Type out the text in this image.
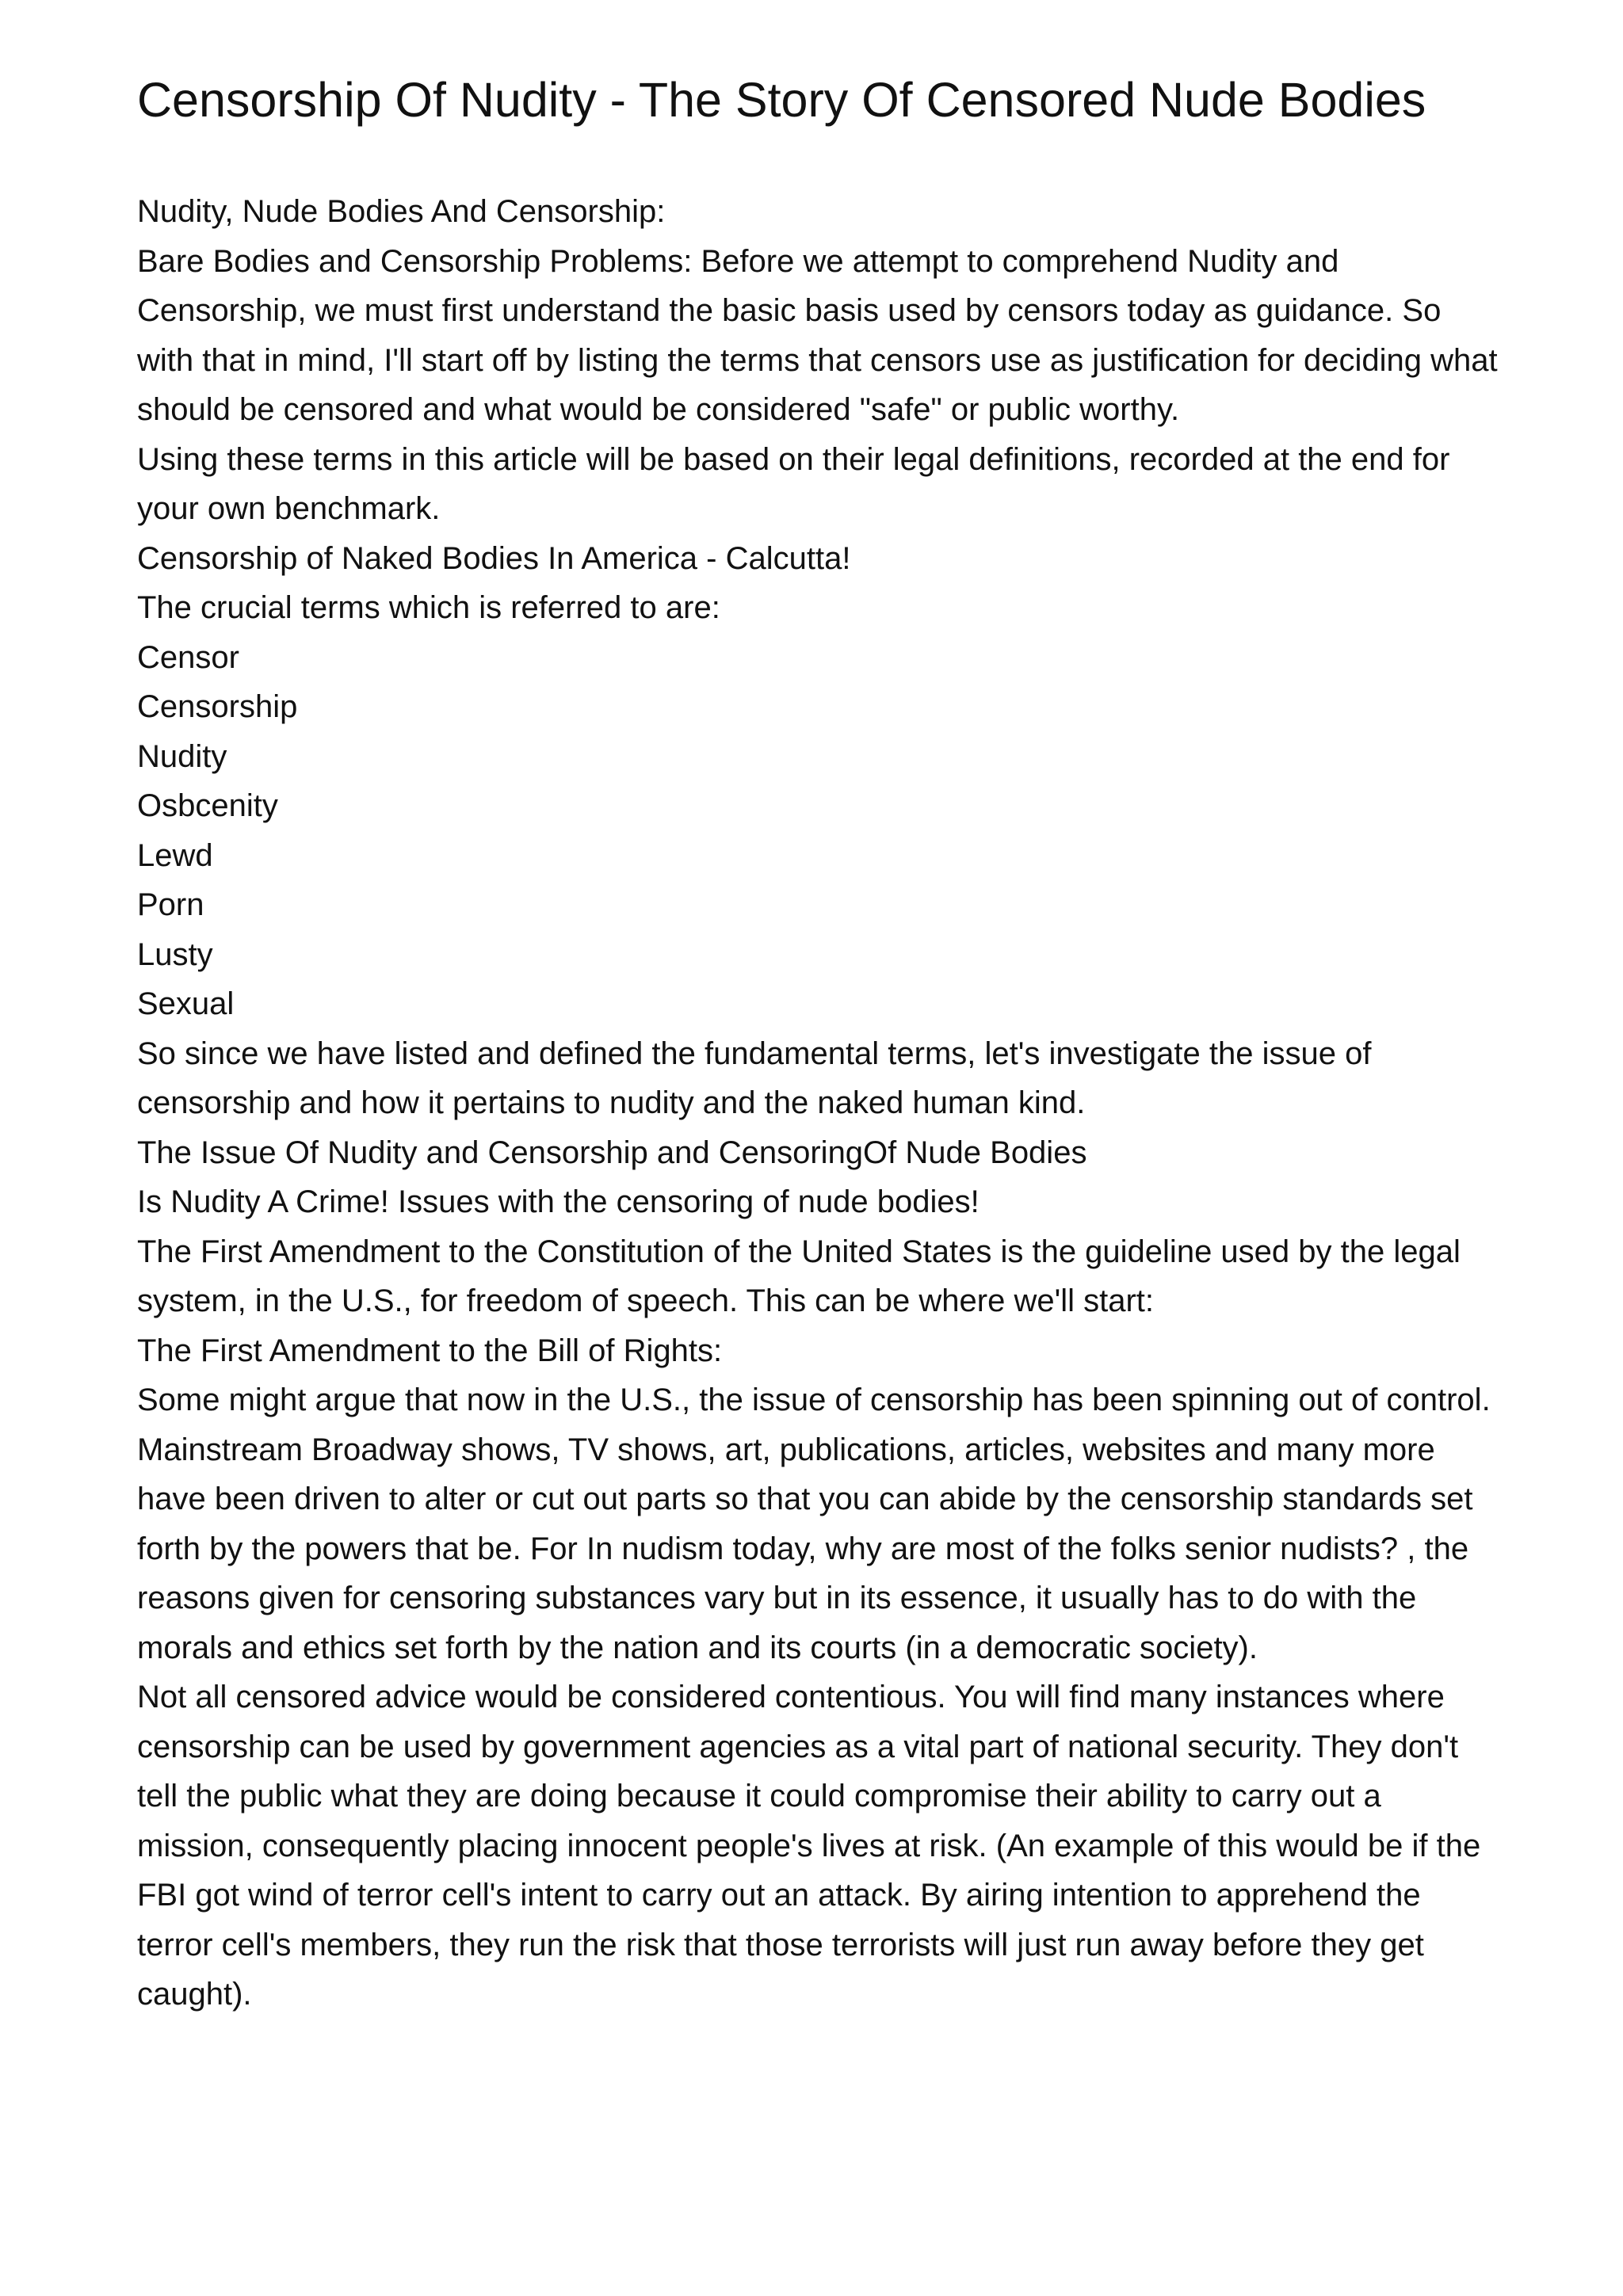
Censorship Of Nudity - The Story Of Censored Nude Bodies

Nudity, Nude Bodies And Censorship:

Bare Bodies and Censorship Problems: Before we attempt to comprehend Nudity and Censorship, we must first understand the basic basis used by censors today as guidance. So with that in mind, I'll start off by listing the terms that censors use as justification for deciding what should be censored and what would be considered "safe" or public worthy.

Using these terms in this article will be based on their legal definitions, recorded at the end for your own benchmark.

Censorship of Naked Bodies In America - Calcutta!

The crucial terms which is referred to are:

Censor

Censorship

Nudity

Osbcenity

Lewd

Porn

Lusty

Sexual

So since we have listed and defined the fundamental terms, let's investigate the issue of censorship and how it pertains to nudity and the naked human kind.

The Issue Of Nudity and Censorship and CensoringOf Nude Bodies

Is Nudity A Crime! Issues with the censoring of nude bodies!

The First Amendment to the Constitution of the United States is the guideline used by the legal system, in the U.S., for freedom of speech. This can be where we'll start:

The First Amendment to the Bill of Rights:

Some might argue that now in the U.S., the issue of censorship has been spinning out of control. Mainstream Broadway shows, TV shows, art, publications, articles, websites and many more have been driven to alter or cut out parts so that you can abide by the censorship standards set forth by the powers that be. For In nudism today, why are most of the folks senior nudists? , the reasons given for censoring substances vary but in its essence, it usually has to do with the morals and ethics set forth by the nation and its courts (in a democratic society).

Not all censored advice would be considered contentious. You will find many instances where censorship can be used by government agencies as a vital part of national security. They don't tell the public what they are doing because it could compromise their ability to carry out a mission, consequently placing innocent people's lives at risk. (An example of this would be if the FBI got wind of terror cell's intent to carry out an attack. By airing intention to apprehend the terror cell's members, they run the risk that those terrorists will just run away before they get caught).
